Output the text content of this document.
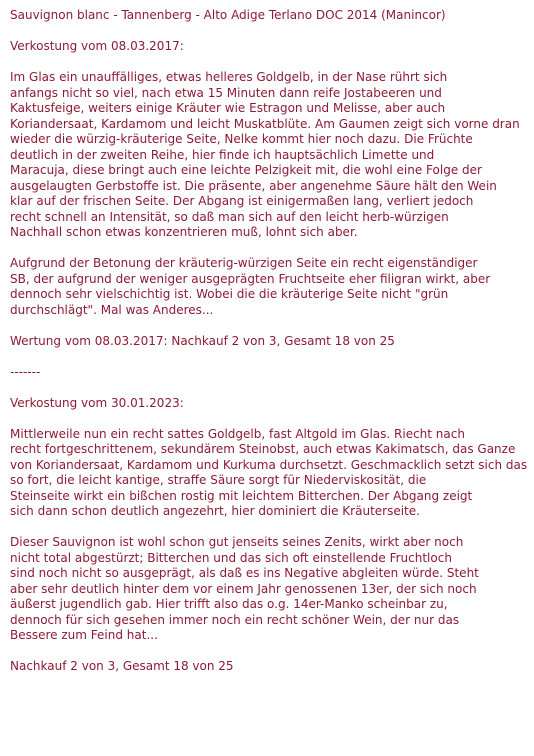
Sauvignon blanc - Tannenberg - Alto Adige Terlano DOC 2014 (Manincor)
Verkostung vom 08.03.2017:
Im Glas ein unauffälliges, etwas helleres Goldgelb, in der Nase rührt sich
anfangs nicht so viel, nach etwa 15 Minuten dann reife Jostabeeren und
Kaktusfeige, weiters einige Kräuter wie Estragon und Melisse, aber auch
Koriandersaat, Kardamom und leicht Muskatblüte. Am Gaumen zeigt sich vorne dran
wieder die würzig-kräuterige Seite, Nelke kommt hier noch dazu. Die Früchte
deutlich in der zweiten Reihe, hier finde ich hauptsächlich Limette und
Maracuja, diese bringt auch eine leichte Pelzigkeit mit, die wohl eine Folge der
ausgelaugten Gerbstoffe ist. Die präsente, aber angenehme Säure hält den Wein
klar auf der frischen Seite. Der Abgang ist einigermaßen lang, verliert jedoch
recht schnell an Intensität, so daß man sich auf den leicht herb-würzigen
Nachhall schon etwas konzentrieren muß, lohnt sich aber.
Aufgrund der Betonung der kräuterig-würzigen Seite ein recht eigenständiger
SB, der aufgrund der weniger ausgeprägten Fruchtseite eher filigran wirkt, aber
dennoch sehr vielschichtig ist. Wobei die die kräuterige Seite nicht "grün
durchschlägt". Mal was Anderes...
Wertung vom 08.03.2017: Nachkauf 2 von 3, Gesamt 18 von 25
-------
Verkostung vom 30.01.2023:
Mittlerweile nun ein recht sattes Goldgelb, fast Altgold im Glas. Riecht nach
recht fortgeschrittenem, sekundärem Steinobst, auch etwas Kakimatsch, das Ganze
von Koriandersaat, Kardamom und Kurkuma durchsetzt. Geschmacklich setzt sich das
so fort, die leicht kantige, straffe Säure sorgt für Niederviskosität, die
Steinseite wirkt ein bißchen rostig mit leichtem Bitterchen. Der Abgang zeigt
sich dann schon deutlich angezehrt, hier dominiert die Kräuterseite.
Dieser Sauvignon ist wohl schon gut jenseits seines Zenits, wirkt aber noch
nicht total abgestürzt; Bitterchen und das sich oft einstellende Fruchtloch
sind noch nicht so ausgeprägt, als daß es ins Negative abgleiten würde. Steht
aber sehr deutlich hinter dem vor einem Jahr genossenen 13er, der sich noch
äußerst jugendlich gab. Hier trifft also das o.g. 14er-Manko scheinbar zu,
dennoch für sich gesehen immer noch ein recht schöner Wein, der nur das
Bessere zum Feind hat...
Nachkauf 2 von 3, Gesamt 18 von 25
